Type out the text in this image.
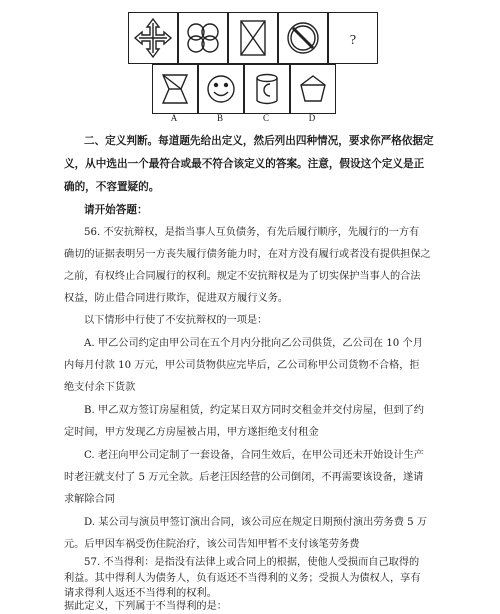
?
A	B	C	D
二、定义判断。每道题先给出定义，然后列出四种情况，要求你严格依据定
义，从中选出一个最符合或最不符合该定义的答案。注意，假设这个定义是正
确的，不容置疑的。
请开始答题：
56. 不安抗辩权，是指当事人互负债务，有先后履行顺序，先履行的一方有
确切的证据表明另一方丧失履行债务能力时，在对方没有履行或者没有提供担保之
之前，有权终止合同履行的权利。规定不安抗辩权是为了切实保护当事人的合法
权益，防止借合同进行欺诈，促进双方履行义务。
以下情形中行使了不安抗辩权的一项是：
A. 甲乙公司约定由甲公司在五个月内分批向乙公司供货，乙公司在 10 个月
内每月付款 10 万元，甲公司货物供应完毕后，乙公司称甲公司货物不合格，拒
绝支付余下货款
B. 甲乙双方签订房屋租赁，约定某日双方同时交租金并交付房屋，但到了约
定时间，甲方发现乙方房屋被占用，甲方遂拒绝支付租金
C. 老汪向甲公司定制了一套设备，合同生效后，在甲公司还未开始设计生产
时老汪就支付了 5 万元全款。后老汪因经营的公司倒闭，不再需要该设备，遂请
求解除合同
D. 某公司与演员甲签订演出合同，该公司应在规定日期预付演出劳务费 5 万
元。后甲因车祸受伤住院治疗，该公司告知甲暂不支付该笔劳务费
57. 不当得利：是指没有法律上或合同上的根据，使他人受损而自己取得的
利益。其中得利人为债务人，负有返还不当得利的义务；受损人为债权人，享有
请求得利人返还不当得利的权利。
据此定义，下列属于不当得利的是：
